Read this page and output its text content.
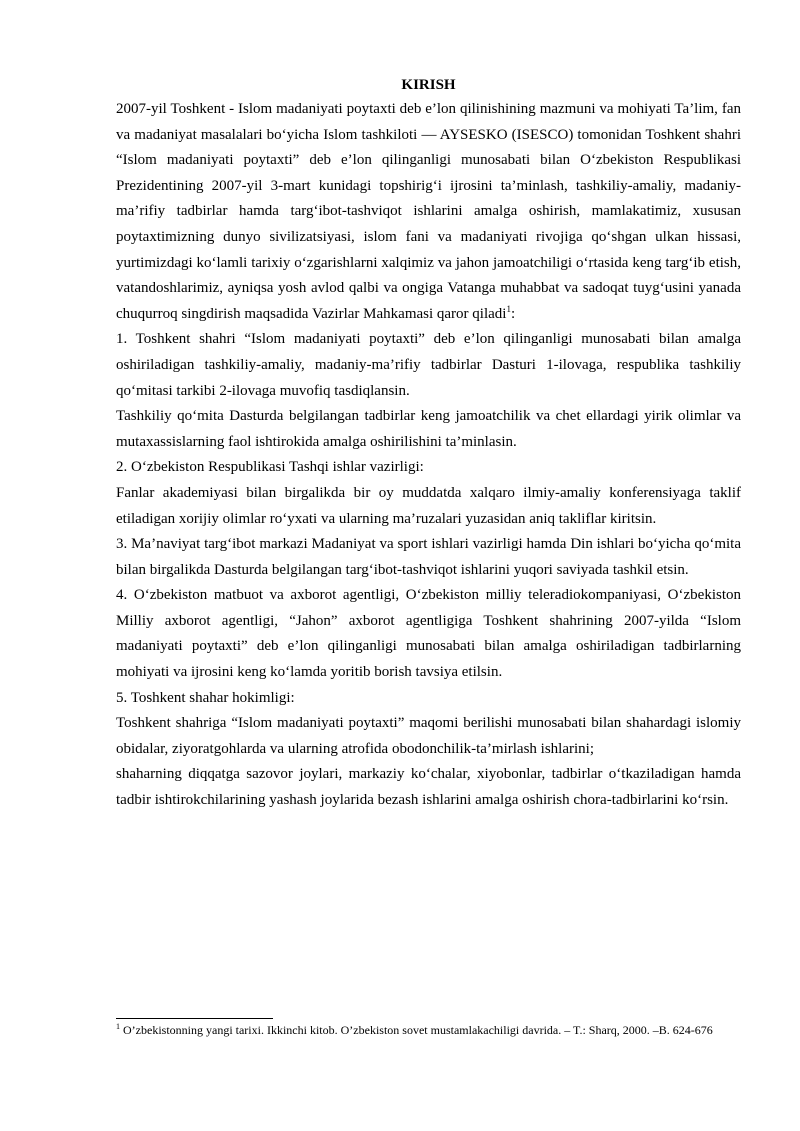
KIRISH

2007-yil Toshkent - Islom madaniyati poytaxti deb e’lon qilinishining mazmuni va mohiyati Ta’lim, fan va madaniyat masalalari bo‘yicha Islom tashkiloti — AYSESKO (ISESCO) tomonidan Toshkent shahri “Islom madaniyati poytaxti” deb e’lon qilinganligi munosabati bilan O‘zbekiston Respublikasi Prezidentining 2007-yil 3-mart kunidagi topshirig‘i ijrosini ta’minlash, tashkiliy-amaliy, madaniy-ma’rifiy tadbirlar hamda targ‘ibot-tashviqot ishlarini amalga oshirish, mamlakatimiz, xususan poytaxtimizning dunyo sivilizatsiyasi, islom fani va madaniyati rivojiga qo‘shgan ulkan hissasi, yurtimizdagi ko‘lamli tarixiy o‘zgarishlarni xalqimiz va jahon jamoatchiligi o‘rtasida keng targ‘ib etish, vatandoshlarimiz, ayniqsa yosh avlod qalbi va ongiga Vatanga muhabbat va sadoqat tuyg‘usini yanada chuqurroq singdirish maqsadida Vazirlar Mahkamasi qaror qiladi$^1$:

1. Toshkent shahri “Islom madaniyati poytaxti” deb e’lon qilinganligi munosabati bilan amalga oshiriladigan tashkiliy-amaliy, madaniy-ma’rifiy tadbirlar Dasturi 1-ilovaga, respublika tashkiliy qo‘mitasi tarkibi 2-ilovaga muvofiq tasdiqlansin.

Tashkiliy qo‘mita Dasturda belgilangan tadbirlar keng jamoatchilik va chet ellardagi yirik olimlar va mutaxassislarning faol ishtirokida amalga oshirilishini ta’minlasin.

2. O‘zbekiston Respublikasi Tashqi ishlar vazirligi:

Fanlar akademiyasi bilan birgalikda bir oy muddatda xalqaro ilmiy-amaliy konferensiyaga taklif etiladigan xorijiy olimlar ro‘yxati va ularning ma’ruzalari yuzasidan aniq takliflar kiritsin.

3. Ma’naviyat targ‘ibot markazi Madaniyat va sport ishlari vazirligi hamda Din ishlari bo‘yicha qo‘mita bilan birgalikda Dasturda belgilangan targ‘ibot-tashviqot ishlarini yuqori saviyada tashkil etsin.

4. O‘zbekiston matbuot va axborot agentligi, O‘zbekiston milliy teleradiokompaniyasi, O‘zbekiston Milliy axborot agentligi, “Jahon” axborot agentligiga Toshkent shahrining 2007-yilda “Islom madaniyati poytaxti” deb e’lon qilinganligi munosabati bilan amalga oshiriladigan tadbirlarning mohiyati va ijrosini keng ko‘lamda yoritib borish tavsiya etilsin.

5. Toshkent shahar hokimligi:

Toshkent shahriga “Islom madaniyati poytaxti” maqomi berilishi munosabati bilan shahardagi islomiy obidalar, ziyoratgohlarda va ularning atrofida obodonchilik-ta’mirlash ishlarini;

shaharning diqqatga sazovor joylari, markaziy ko‘chalar, xiyobonlar, tadbirlar o‘tkaziladigan hamda tadbir ishtirokchilarining yashash joylarida bezash ishlarini amalga oshirish chora-tadbirlarini ko‘rsin.

$^1$ O’zbekistonning yangi tarixi. Ikkinchi kitob. O’zbekiston sovet mustamlakachiligi davrida. – T.: Sharq, 2000. –B. 624-676
